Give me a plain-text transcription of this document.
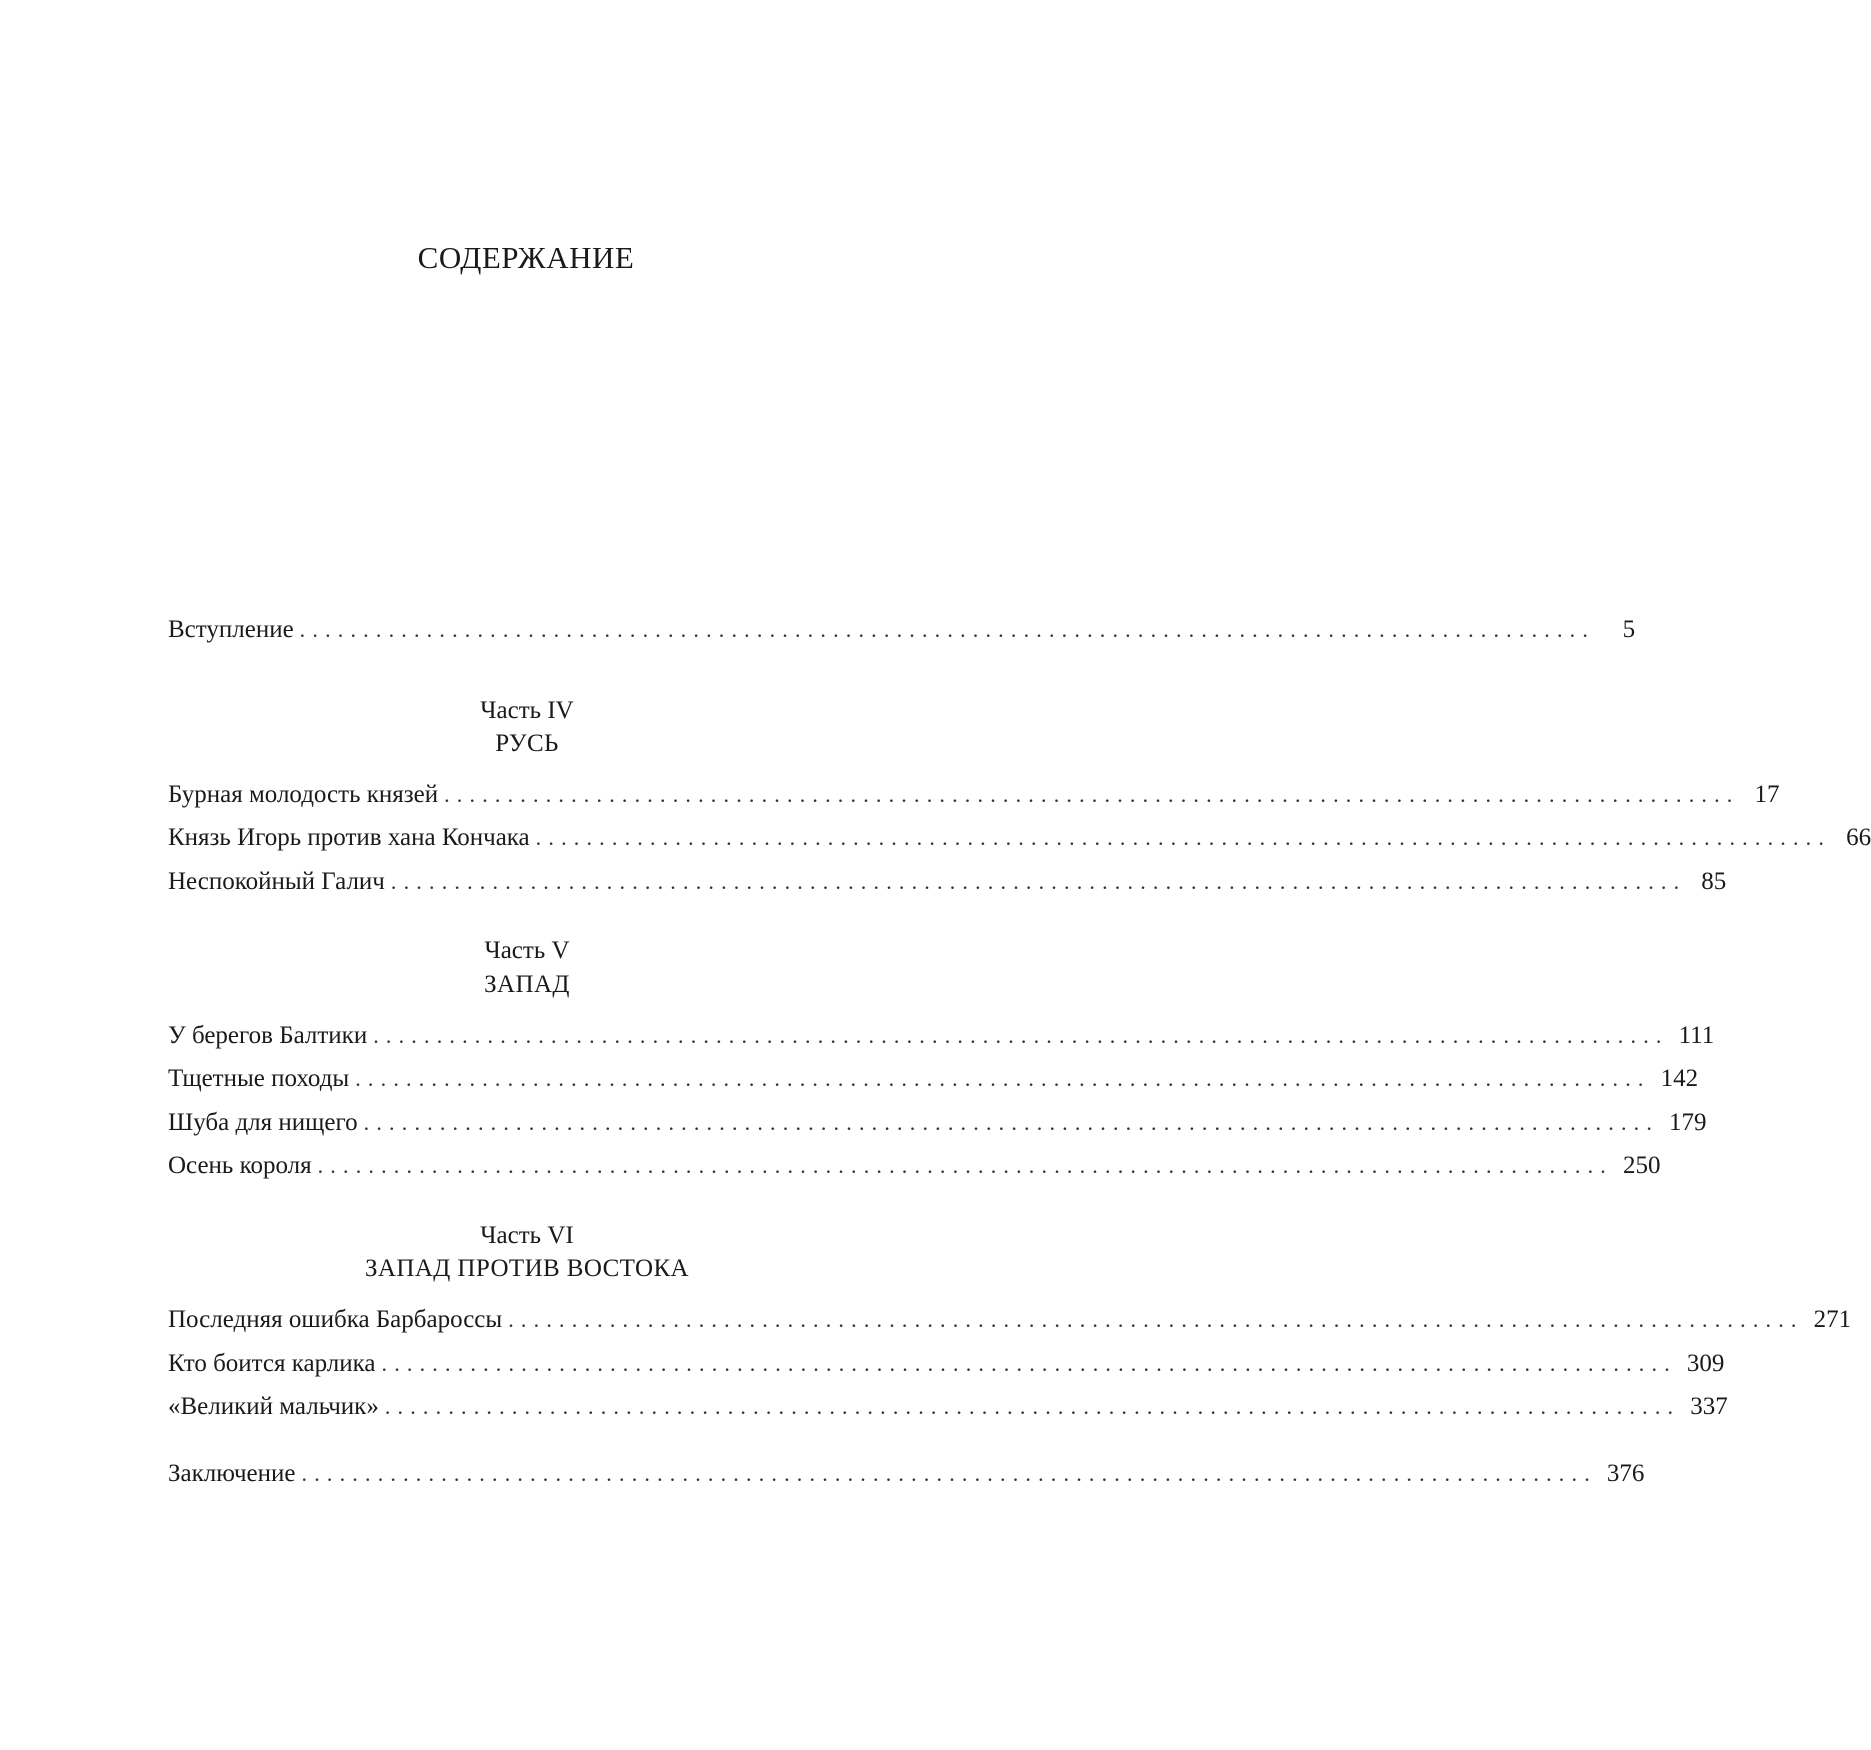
СОДЕРЖАНИЕ
Вступление ......................................................................................................	5
Часть IV
РУСЬ
Бурная молодость князей ...................................................................................................... 17
Князь Игорь против хана Кончака ...................................................................................................... 66
Неспокойный Галич ...................................................................................................... 85
Часть V
ЗАПАД
У берегов Балтики ...................................................................................................... 111
Тщетные походы ...................................................................................................... 142
Шуба для нищего ...................................................................................................... 179
Осень короля ...................................................................................................... 250
Часть VI
ЗАПАД ПРОТИВ ВОСТОКА
Последняя ошибка Барбароссы ...................................................................................................... 271
Кто боится карлика ...................................................................................................... 309
«Великий мальчик» ...................................................................................................... 337
Заключение ...................................................................................................... 376
